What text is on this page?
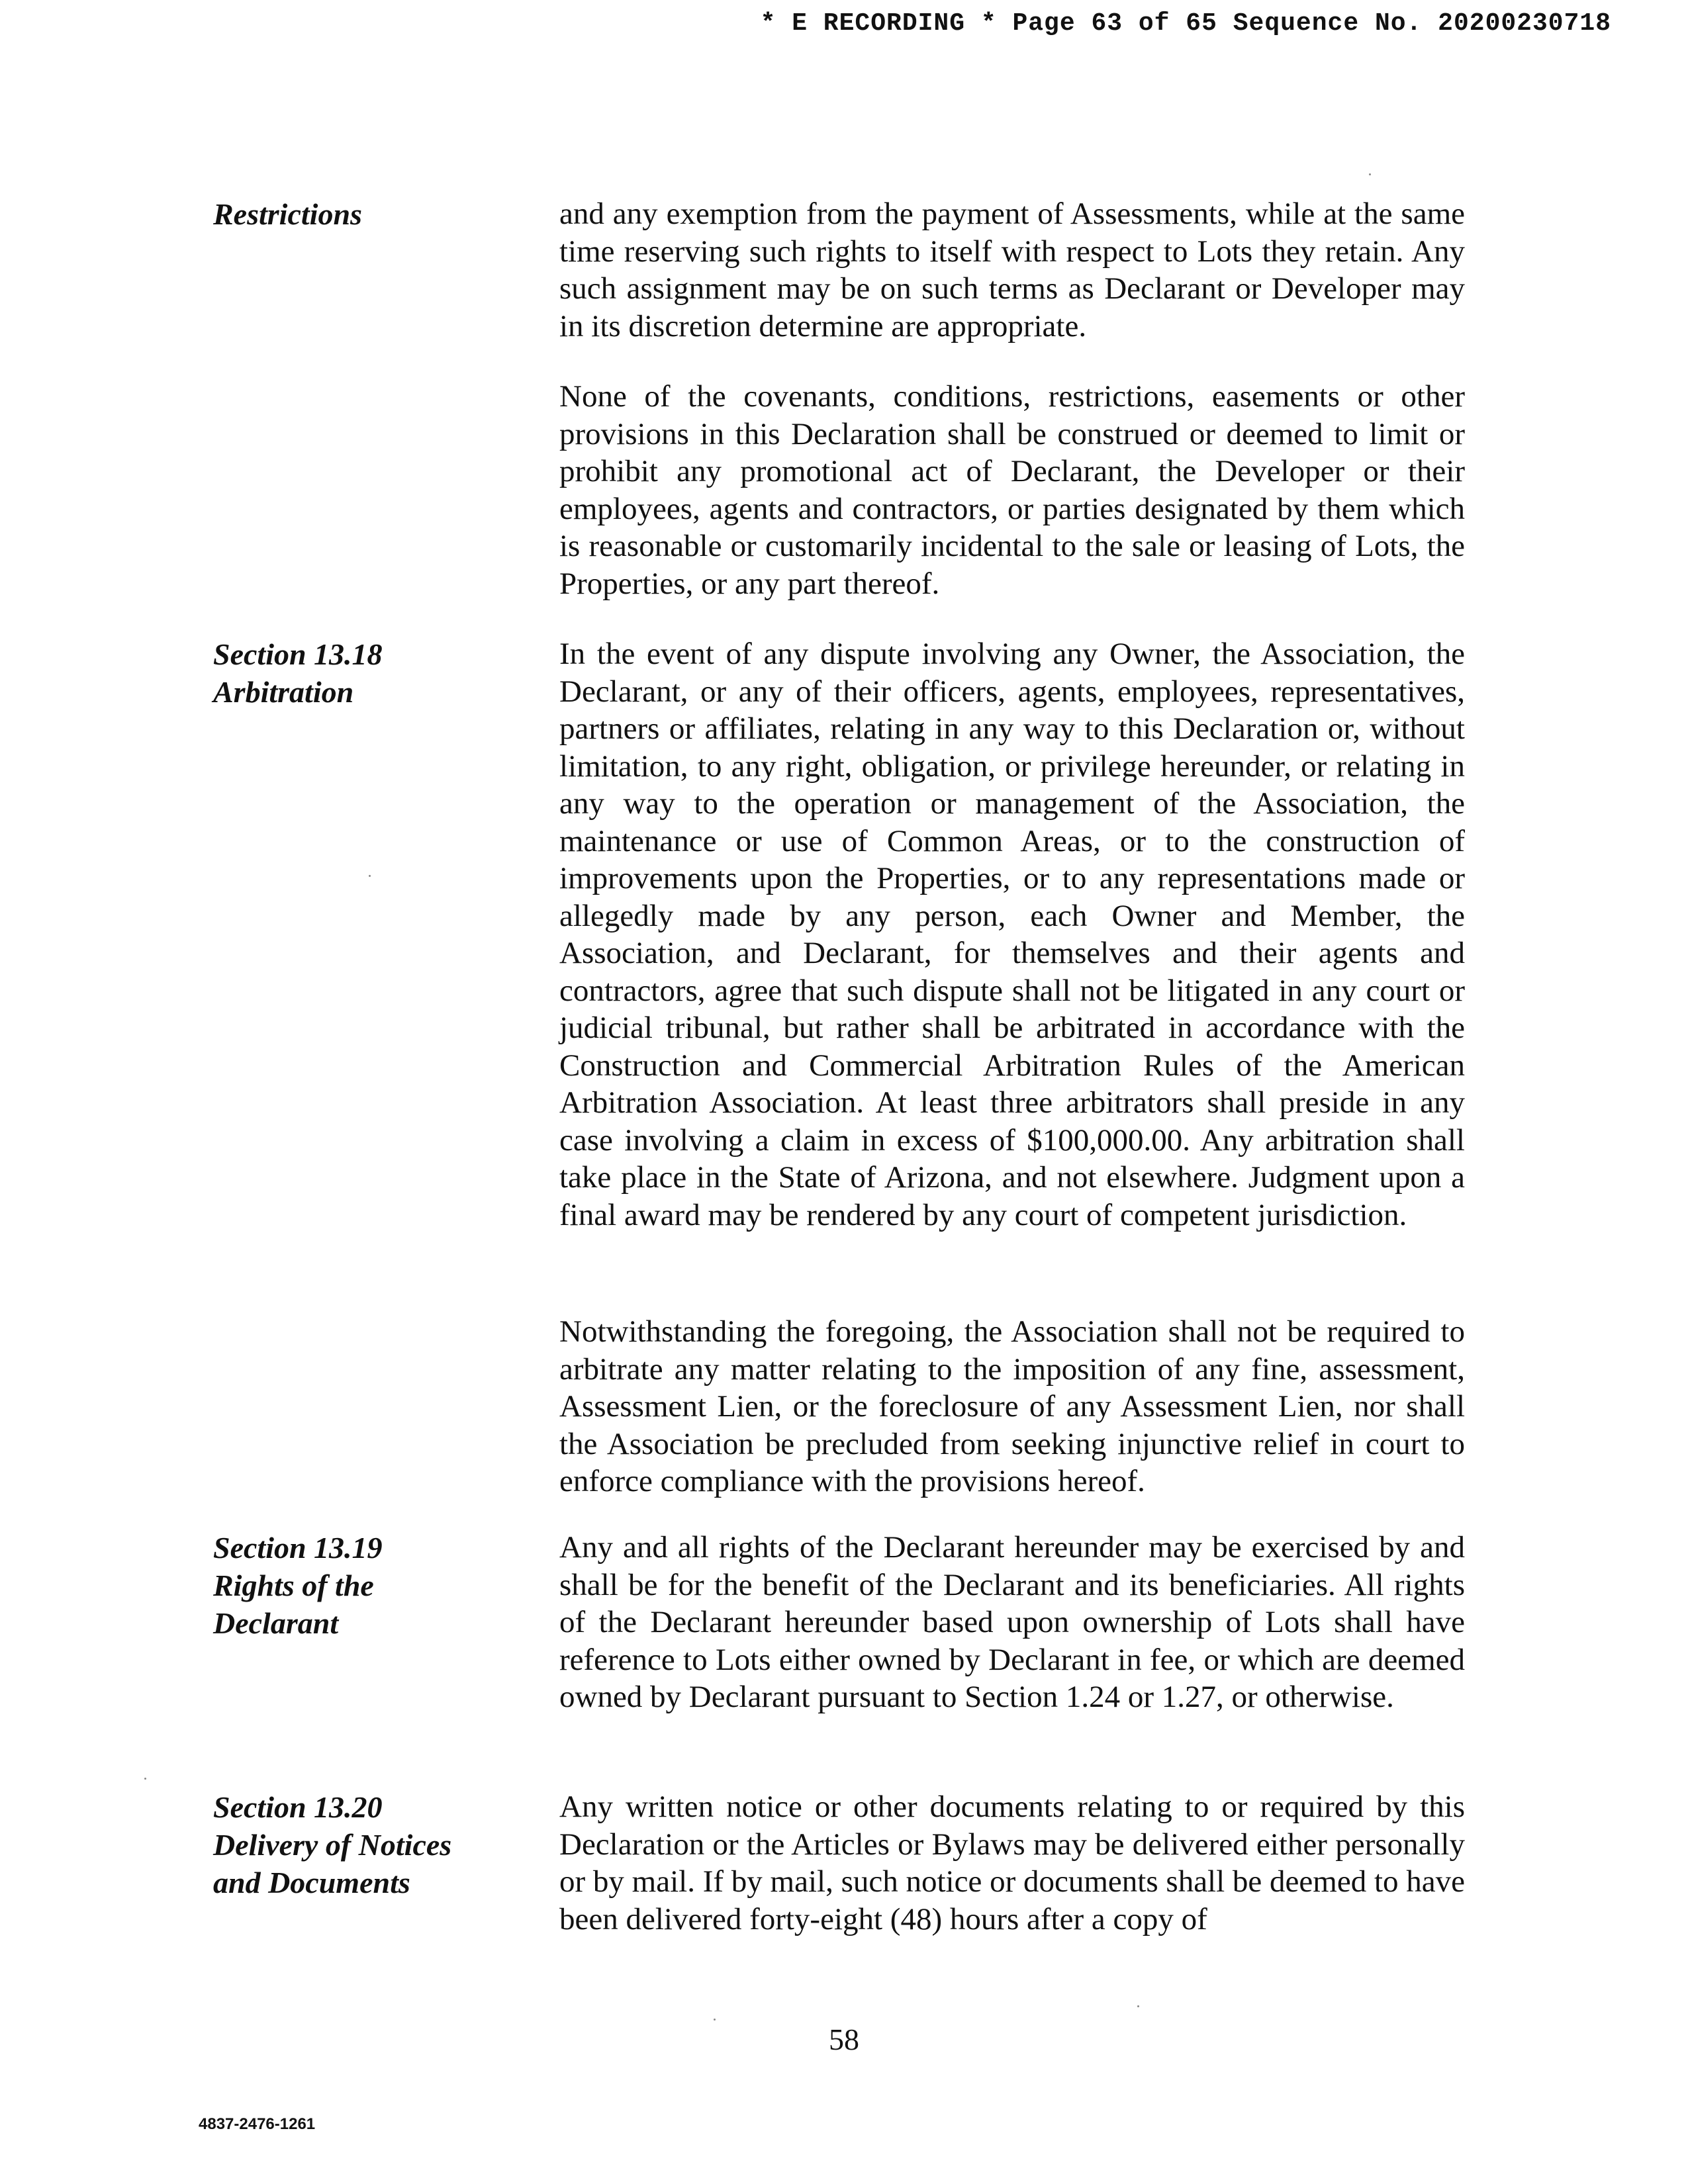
* E RECORDING * Page 63 of 65 Sequence No. 20200230718
Restrictions	and any exemption from the payment of Assessments, while at the same time reserving such rights to itself with respect to Lots they retain. Any such assignment may be on such terms as Declarant or Developer may in its discretion determine are appropriate.

None of the covenants, conditions, restrictions, easements or other provisions in this Declaration shall be construed or deemed to limit or prohibit any promotional act of Declarant, the Developer or their employees, agents and contractors, or parties designated by them which is reasonable or customarily incidental to the sale or leasing of Lots, the Properties, or any part thereof.

Section 13.18
Arbitration

In the event of any dispute involving any Owner, the Association, the Declarant, or any of their officers, agents, employees, representatives, partners or affiliates, relating in any way to this Declaration or, without limitation, to any right, obligation, or privilege hereunder, or relating in any way to the operation or management of the Association, the maintenance or use of Common Areas, or to the construction of improvements upon the Properties, or to any representations made or allegedly made by any person, each Owner and Member, the Association, and Declarant, for themselves and their agents and contractors, agree that such dispute shall not be litigated in any court or judicial tribunal, but rather shall be arbitrated in accordance with the Construction and Commercial Arbitration Rules of the American Arbitration Association. At least three arbitrators shall preside in any case involving a claim in excess of $100,000.00. Any arbitration shall take place in the State of Arizona, and not elsewhere. Judgment upon a final award may be rendered by any court of competent jurisdiction.

Notwithstanding the foregoing, the Association shall not be required to arbitrate any matter relating to the imposition of any fine, assessment, Assessment Lien, or the foreclosure of any Assessment Lien, nor shall the Association be precluded from seeking injunctive relief in court to enforce compliance with the provisions hereof.

Section 13.19
Rights of the
Declarant

Any and all rights of the Declarant hereunder may be exercised by and shall be for the benefit of the Declarant and its beneficiaries. All rights of the Declarant hereunder based upon ownership of Lots shall have reference to Lots either owned by Declarant in fee, or which are deemed owned by Declarant pursuant to Section 1.24 or 1.27, or otherwise.

Section 13.20
Delivery of Notices
and Documents

Any written notice or other documents relating to or required by this Declaration or the Articles or Bylaws may be delivered either personally or by mail. If by mail, such notice or documents shall be deemed to have been delivered forty-eight (48) hours after a copy of

58
4837-2476-1261
